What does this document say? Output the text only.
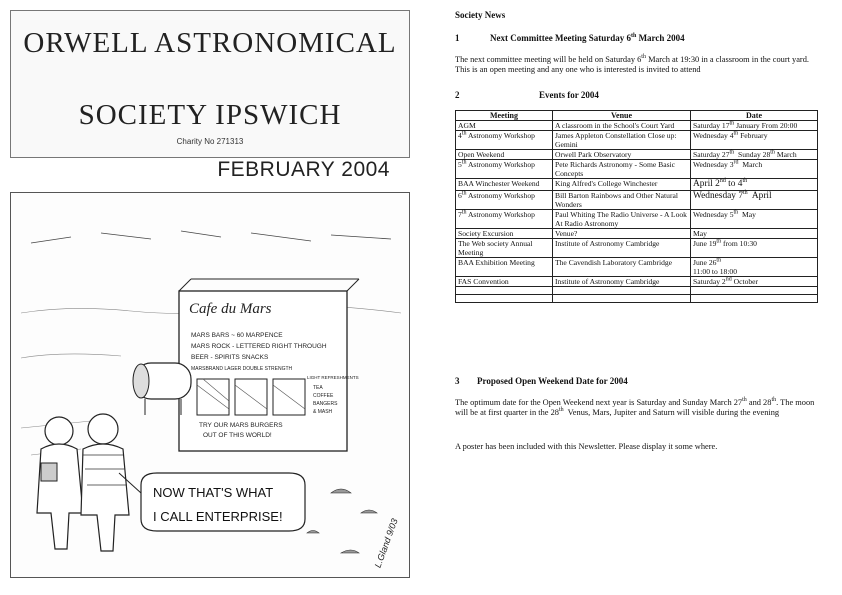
ORWELL ASTRONOMICAL
SOCIETY IPSWICH
Charity No 271313
FEBRUARY 2004
Cafe du Mars
MARS BARS ~ 60 MARPENCE
MARS ROCK - LETTERED RIGHT THROUGH
BEER - SPIRITS SNACKS
MARSBRAND LAGER DOUBLE STRENGTH
LIGHT REFRESHMENTS
TEA
COFFEE
BANGERS
& MASH
TRY OUR MARS BURGERS
OUT OF THIS WORLD!
NOW THAT'S WHAT
I CALL ENTERPRISE!
L.Gland 9/03
Society News
1	Next Committee Meeting Saturday 6th March 2004
The next committee meeting will be held on Saturday 6th March at 19:30 in a classroom in the court yard. This is an open meeting and any one who is interested is invited to attend
2	Events for 2004
Meeting	Venue	Date
AGM	A classroom in the School's Court Yard	Saturday 17th January From 20:00
4th Astronomy Workshop	James Appleton Constellation Close up: Gemini	Wednesday 4th February
Open Weekend	Orwell Park Observatory	Saturday 27th  Sunday 28th March
5th Astronomy Workshop	Pete Richards Astronomy - Some Basic Concepts	Wednesday 3rd  March
BAA Winchester Weekend	King Alfred's College Winchester	April 2nd to 4th
6th Astronomy Workshop	Bill Barton Rainbows and Other Natural Wonders	Wednesday 7th  April
7th Astronomy Workshop	Paul Whiting The Radio Universe - A Look At Radio Astronomy	Wednesday 5th  May
Society Excursion	Venue?	May
The Web society Annual Meeting	Institute of Astronomy Cambridge	June 19th from 10:30
BAA Exhibition Meeting	The Cavendish Laboratory Cambridge	June 26th
11:00 to 18:00
FAS Convention	Institute of Astronomy Cambridge	Saturday 2nd October

3 Proposed Open Weekend Date for 2004
The optimum date for the Open Weekend next year is Saturday and Sunday March 27th and 28th. The moon will be at first quarter in the 28th  Venus, Mars, Jupiter and Saturn will visible during the evening
A poster has been included with this Newsletter. Please display it some where.
